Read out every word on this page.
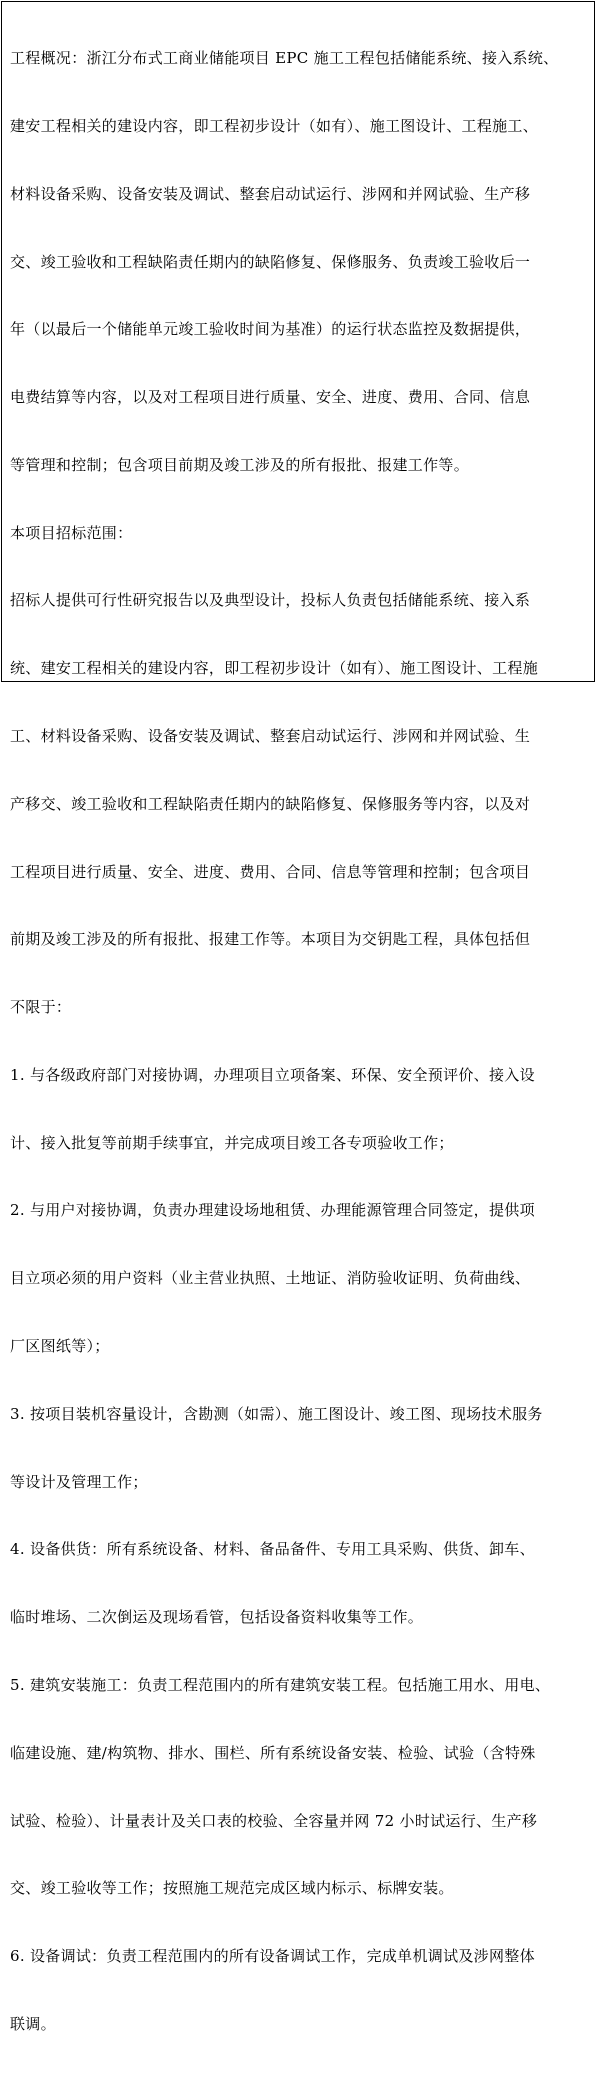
工程概况：浙江分布式工商业储能项目 EPC 施工工程包括储能系统、接入系统、

建安工程相关的建设内容，即工程初步设计（如有）、施工图设计、工程施工、

材料设备采购、设备安装及调试、整套启动试运行、涉网和并网试验、生产移

交、竣工验收和工程缺陷责任期内的缺陷修复、保修服务、负责竣工验收后一

年（以最后一个储能单元竣工验收时间为基准）的运行状态监控及数据提供，

电费结算等内容，以及对工程项目进行质量、安全、进度、费用、合同、信息

等管理和控制；包含项目前期及竣工涉及的所有报批、报建工作等。

本项目招标范围：

招标人提供可行性研究报告以及典型设计，投标人负责包括储能系统、接入系

统、建安工程相关的建设内容，即工程初步设计（如有）、施工图设计、工程施

工、材料设备采购、设备安装及调试、整套启动试运行、涉网和并网试验、生

产移交、竣工验收和工程缺陷责任期内的缺陷修复、保修服务等内容，以及对

工程项目进行质量、安全、进度、费用、合同、信息等管理和控制；包含项目

前期及竣工涉及的所有报批、报建工作等。本项目为交钥匙工程，具体包括但

不限于：

1. 与各级政府部门对接协调，办理项目立项备案、环保、安全预评价、接入设

计、接入批复等前期手续事宜，并完成项目竣工各专项验收工作；

2. 与用户对接协调，负责办理建设场地租赁、办理能源管理合同签定，提供项

目立项必须的用户资料（业主营业执照、土地证、消防验收证明、负荷曲线、

厂区图纸等）；

3. 按项目装机容量设计，含勘测（如需）、施工图设计、竣工图、现场技术服务

等设计及管理工作；

4. 设备供货：所有系统设备、材料、备品备件、专用工具采购、供货、卸车、

临时堆场、二次倒运及现场看管，包括设备资料收集等工作。

5. 建筑安装施工：负责工程范围内的所有建筑安装工程。包括施工用水、用电、

临建设施、建/构筑物、排水、围栏、所有系统设备安装、检验、试验（含特殊

试验、检验）、计量表计及关口表的校验、全容量并网 72 小时试运行、生产移

交、竣工验收等工作；按照施工规范完成区域内标示、标牌安装。

6. 设备调试：负责工程范围内的所有设备调试工作，完成单机调试及涉网整体

联调。
